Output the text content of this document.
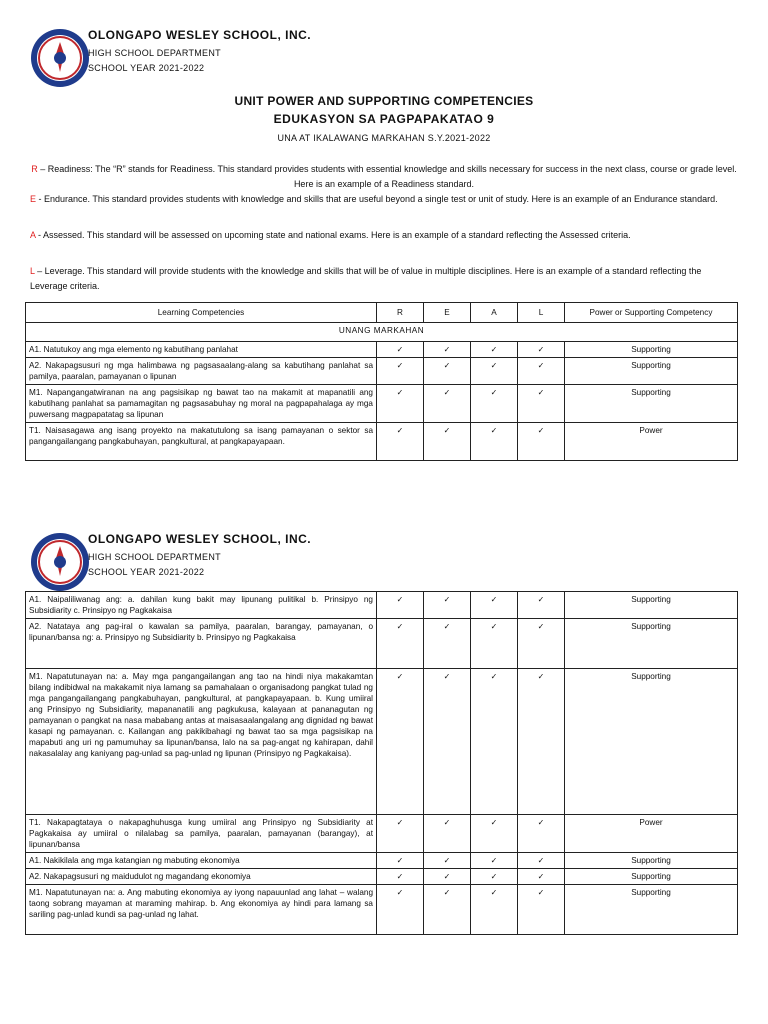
OLONGAPO WESLEY SCHOOL, INC.
HIGH SCHOOL DEPARTMENT
SCHOOL YEAR 2021-2022
UNIT POWER AND SUPPORTING COMPETENCIES
EDUKASYON SA PAGPAPAKATAO 9
UNA AT IKALAWANG MARKAHAN S.Y.2021-2022
R – Readiness: The “R” stands for Readiness. This standard provides students with essential knowledge and skills necessary for success in the next class, course or grade level. Here is an example of a Readiness standard.
E - Endurance. This standard provides students with knowledge and skills that are useful beyond a single test or unit of study. Here is an example of an Endurance standard.
A - Assessed. This standard will be assessed on upcoming state and national exams. Here is an example of a standard reflecting the Assessed criteria.
L – Leverage. This standard will provide students with the knowledge and skills that will be of value in multiple disciplines. Here is an example of a standard reflecting the Leverage criteria.
Learning Competencies	R	E	A	L	Power or Supporting Competency
UNANG MARKAHAN					
A1. Natutukoy ang mga elemento ng kabutihang panlahat	✓	✓	✓	✓	Supporting
A2. Nakapagsusuri ng mga halimbawa ng pagsasaalang-alang sa kabutihang panlahat sa pamilya, paaralan, pamayanan o lipunan	✓	✓	✓	✓	Supporting
M1. Napangangatwiranan na ang pagsisikap ng bawat tao na makamit at mapanatili ang kabutihang panlahat sa pamamagitan ng pagsasabuhay ng moral na pagpapahalaga ay mga puwersang magpapatatag sa lipunan	✓	✓	✓	✓	Supporting
T1. Naisasagawa ang isang proyekto na makatutulong sa isang pamayanan o sektor sa pangangailangang pangkabuhayan, pangkultural, at pangkapayapaan.	✓	✓	✓	✓	Power
OLONGAPO WESLEY SCHOOL, INC.
HIGH SCHOOL DEPARTMENT
SCHOOL YEAR 2021-2022
A1. Naipaliliwanag ang: a. dahilan kung bakit may lipunang pulitikal b. Prinsipyo ng Subsidiarity c. Prinsipyo ng Pagkakaisa	✓	✓	✓	✓	Supporting
A2. Natataya ang pag-iral o kawalan sa pamilya, paaralan, barangay, pamayanan, o lipunan/bansa ng: a. Prinsipyo ng Subsidiarity b. Prinsipyo ng Pagkakaisa	✓	✓	✓	✓	Supporting
M1. Napatutunayan na: a. May mga pangangailangan ang tao na hindi niya makakamtan bilang indibidwal na makakamit niya lamang sa pamahalaan o organisadong pangkat tulad ng mga pangangailangang pangkabuhayan, pangkultural, at pangkapayapaan. b. Kung umiiral ang Prinsipyo ng Subsidiarity, mapananatili ang pagkukusa, kalayaan at pananagutan ng pamayanan o pangkat na nasa mababang antas at maisasaalangalang ang dignidad ng bawat kasapi ng pamayanan. c. Kailangan ang pakikibahagi ng bawat tao sa mga pagsisikap na mapabuti ang uri ng pamumuhay sa lipunan/bansa, lalo na sa pag-angat ng kahirapan, dahil nakasalalay ang kaniyang pag-unlad sa pag-unlad ng lipunan (Prinsipyo ng Pagkakaisa).	✓	✓	✓	✓	Supporting
T1. Nakapagtataya o nakapaghuhusga kung umiiral ang Prinsipyo ng Subsidiarity at Pagkakaisa ay umiiral o nilalabag sa pamilya, paaralan, pamayanan (barangay), at lipunan/bansa	✓	✓	✓	✓	Power
A1. Nakikilala ang mga katangian ng mabuting ekonomiya	✓	✓	✓	✓	Supporting
A2. Nakapagsusuri ng maidudulot ng magandang ekonomiya	✓	✓	✓	✓	Supporting
M1. Napatutunayan na: a. Ang mabuting ekonomiya ay iyong napauunlad ang lahat – walang taong sobrang mayaman at maraming mahirap. b. Ang ekonomiya ay hindi para lamang sa sariling pag-unlad kundi sa pag-unlad ng lahat.	✓	✓	✓	✓	Supporting
